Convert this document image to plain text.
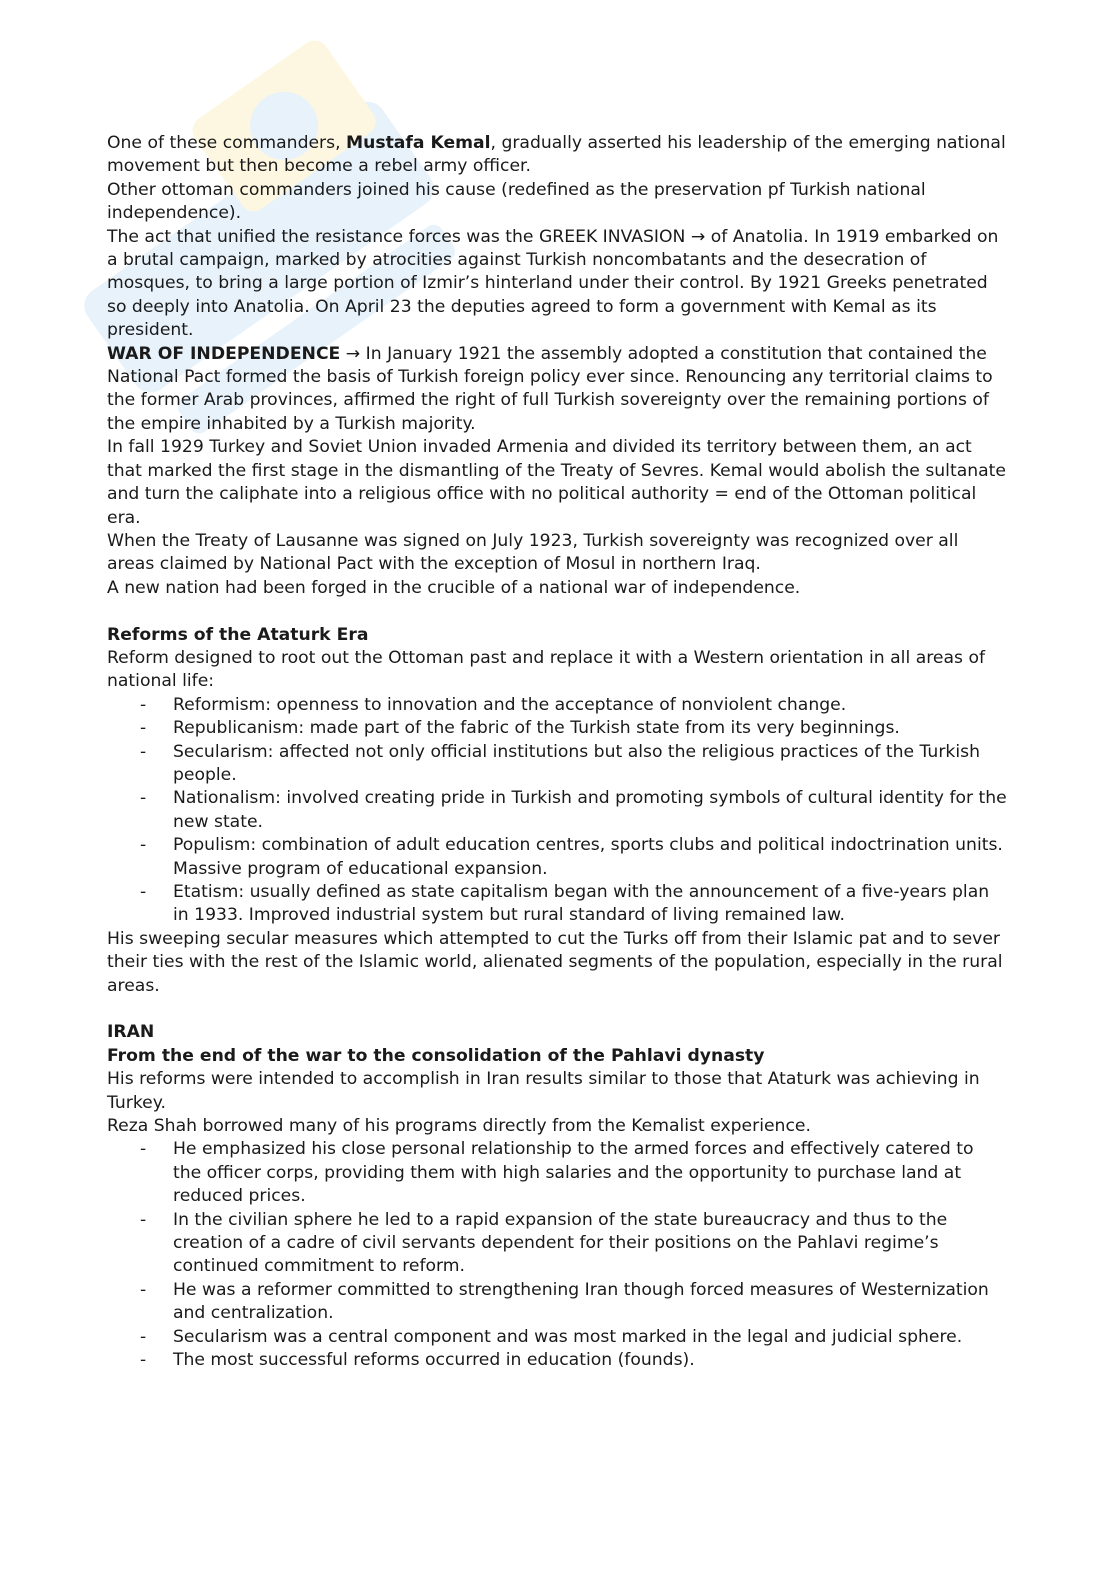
One of these commanders, Mustafa Kemal, gradually asserted his leadership of the emerging national movement but then become a rebel army officer.

Other ottoman commanders joined his cause (redefined as the preservation pf Turkish national independence).

The act that unified the resistance forces was the GREEK INVASION → of Anatolia. In 1919 embarked on a brutal campaign, marked by atrocities against Turkish noncombatants and the desecration of mosques, to bring a large portion of Izmir’s hinterland under their control. By 1921 Greeks penetrated so deeply into Anatolia. On April 23 the deputies agreed to form a government with Kemal as its president.

WAR OF INDEPENDENCE → In January 1921 the assembly adopted a constitution that contained the National Pact formed the basis of Turkish foreign policy ever since. Renouncing any territorial claims to the former Arab provinces, affirmed the right of full Turkish sovereignty over the remaining portions of the empire inhabited by a Turkish majority.

In fall 1929 Turkey and Soviet Union invaded Armenia and divided its territory between them, an act that marked the first stage in the dismantling of the Treaty of Sevres. Kemal would abolish the sultanate and turn the caliphate into a religious office with no political authority = end of the Ottoman political era.

When the Treaty of Lausanne was signed on July 1923, Turkish sovereignty was recognized over all areas claimed by National Pact with the exception of Mosul in northern Iraq.

A new nation had been forged in the crucible of a national war of independence.

Reforms of the Ataturk Era

Reform designed to root out the Ottoman past and replace it with a Western orientation in all areas of national life:

- Reformism: openness to innovation and the acceptance of nonviolent change.
- Republicanism: made part of the fabric of the Turkish state from its very beginnings.
- Secularism: affected not only official institutions but also the religious practices of the Turkish people.
- Nationalism: involved creating pride in Turkish and promoting symbols of cultural identity for the new state.
- Populism: combination of adult education centres, sports clubs and political indoctrination units. Massive program of educational expansion.
- Etatism: usually defined as state capitalism began with the announcement of a five-years plan in 1933. Improved industrial system but rural standard of living remained law.

His sweeping secular measures which attempted to cut the Turks off from their Islamic pat and to sever their ties with the rest of the Islamic world, alienated segments of the population, especially in the rural areas.

IRAN

From the end of the war to the consolidation of the Pahlavi dynasty

His reforms were intended to accomplish in Iran results similar to those that Ataturk was achieving in Turkey.

Reza Shah borrowed many of his programs directly from the Kemalist experience.

- He emphasized his close personal relationship to the armed forces and effectively catered to the officer corps, providing them with high salaries and the opportunity to purchase land at reduced prices.
- In the civilian sphere he led to a rapid expansion of the state bureaucracy and thus to the creation of a cadre of civil servants dependent for their positions on the Pahlavi regime’s continued commitment to reform.
- He was a reformer committed to strengthening Iran though forced measures of Westernization and centralization.
- Secularism was a central component and was most marked in the legal and judicial sphere.
- The most successful reforms occurred in education (founds).
